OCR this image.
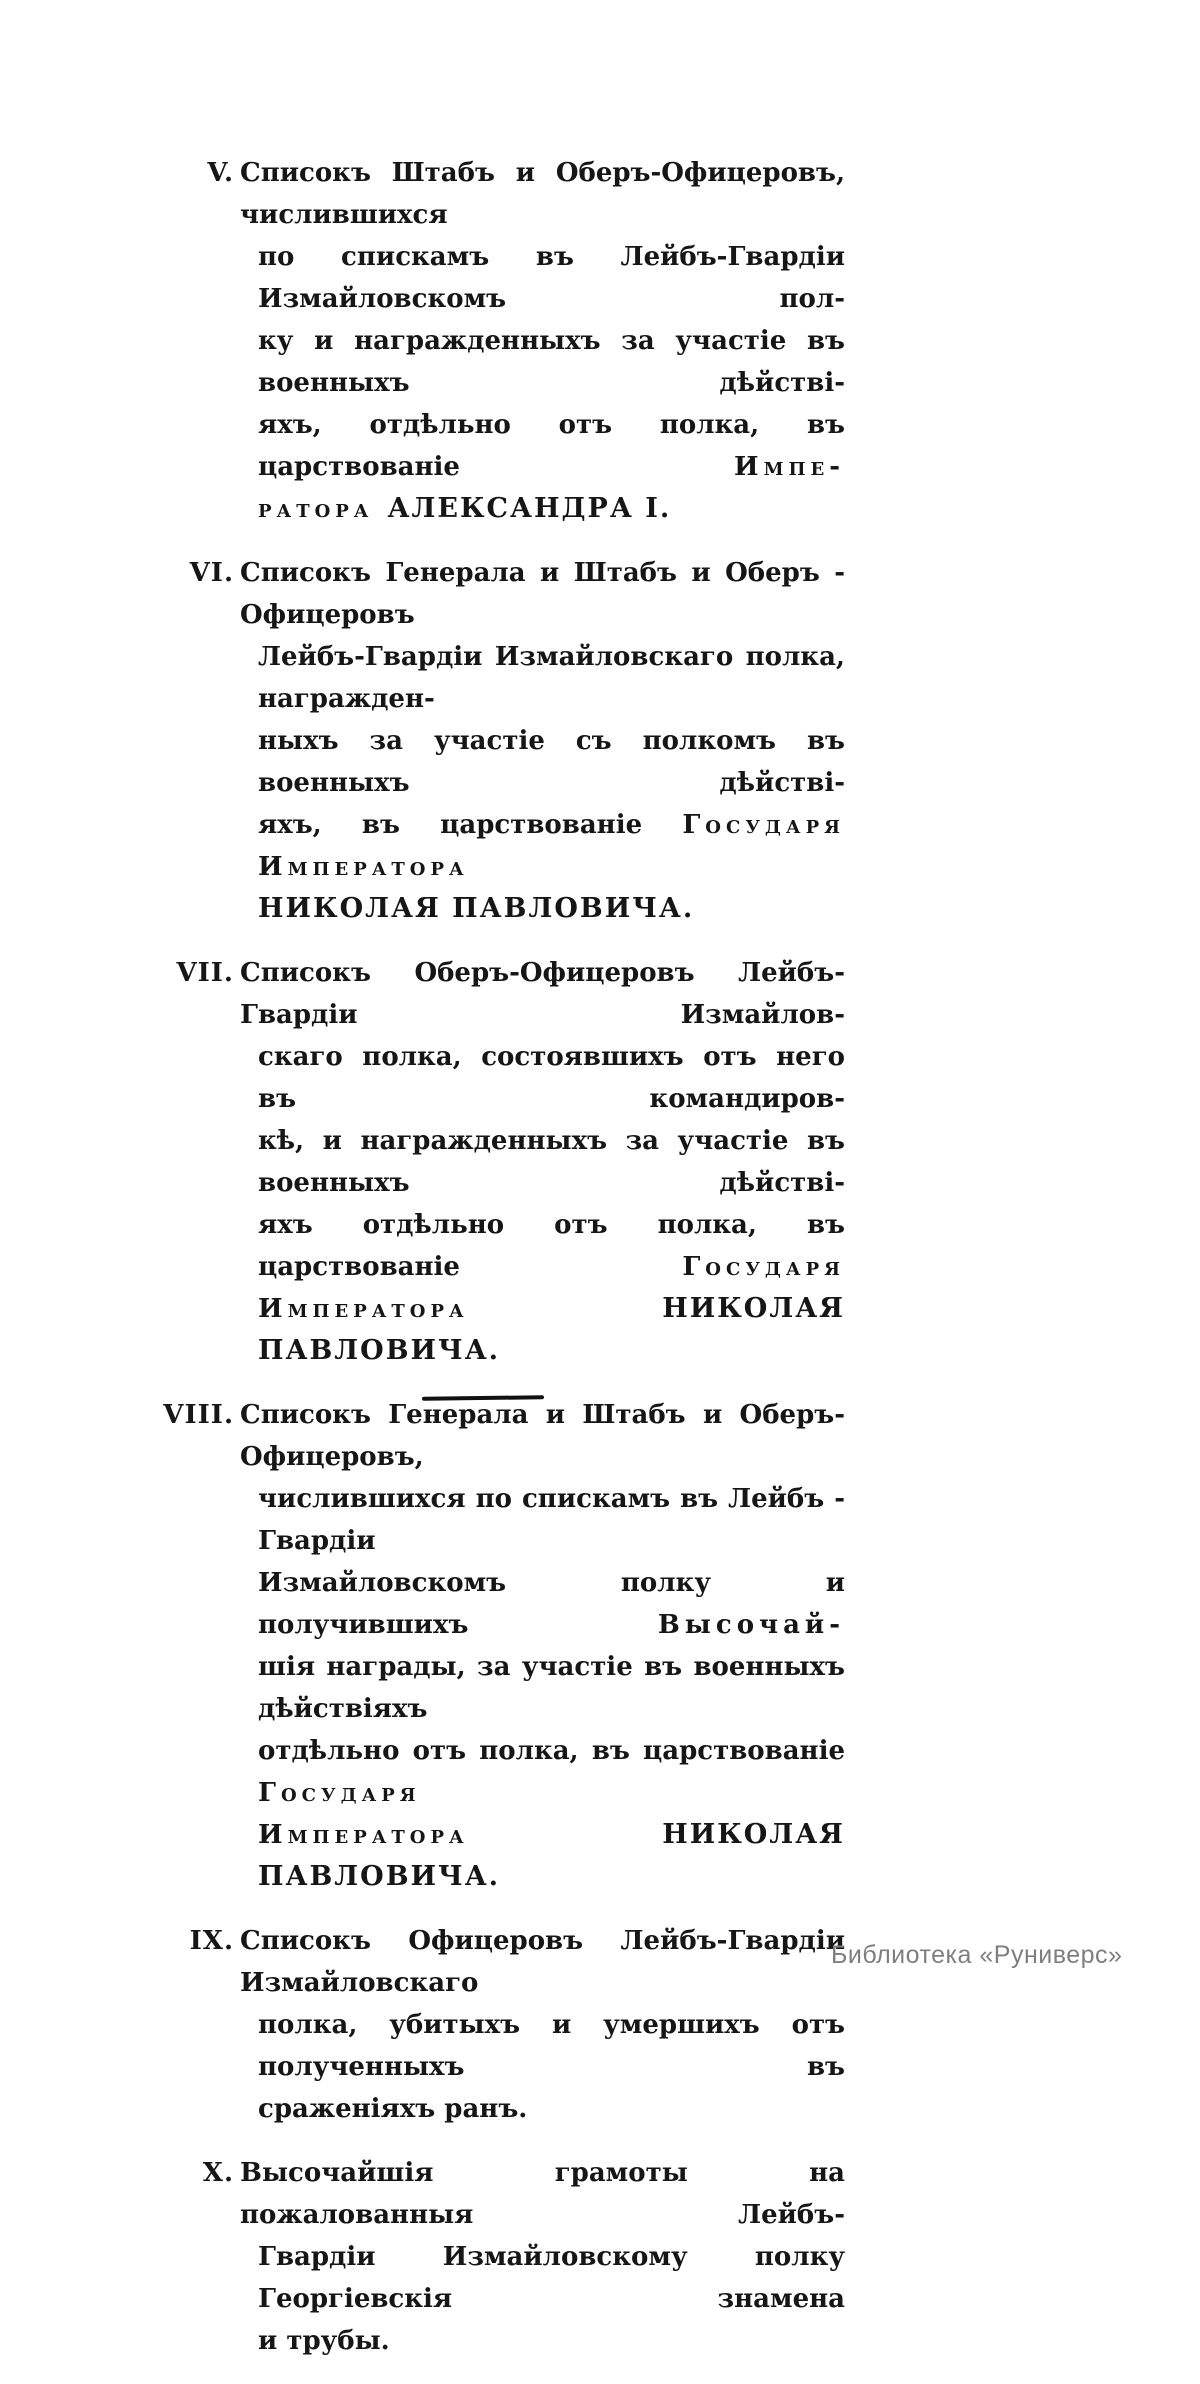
V. Списокъ Штабъ и Оберъ-Офицеровъ, числившихся
по спискамъ въ Лейбъ-Гвардіи Измайловскомъ пол-
ку и награжденныхъ за участіе въ военныхъ дѣйстві-
яхъ, отдѣльно отъ полка, въ царствованіе Импе-
ратора АЛЕКСАНДРА I.
VI. Списокъ Генерала и Штабъ и Оберъ - Офицеровъ
Лейбъ-Гвардіи Измайловскаго полка, награжден-
ныхъ за участіе съ полкомъ въ военныхъ дѣйстві-
яхъ, въ царствованіе Государя Императора
НИКОЛАЯ ПАВЛОВИЧА.
VII. Списокъ Оберъ-Офицеровъ Лейбъ-Гвардіи Измайлов-
скаго полка, состоявшихъ отъ него въ командиров-
кѣ, и награжденныхъ за участіе въ военныхъ дѣйстві-
яхъ отдѣльно отъ полка, въ царствованіе Государя
Императора НИКОЛАЯ ПАВЛОВИЧА.
VIII. Списокъ Генерала и Штабъ и Оберъ-Офицеровъ,
числившихся по спискамъ въ Лейбъ - Гвардіи
Измайловскомъ полку и получившихъ Высочай-
шія награды, за участіе въ военныхъ дѣйствіяхъ
отдѣльно отъ полка, въ царствованіе Государя
Императора НИКОЛАЯ ПАВЛОВИЧА.
IX. Списокъ Офицеровъ Лейбъ-Гвардіи Измайловскаго
полка, убитыхъ и умершихъ отъ полученныхъ въ
сраженіяхъ ранъ.
X. Высочайшія грамоты на пожалованныя Лейбъ-
Гвардіи Измайловскому полку Георгіевскія знамена
и трубы.
Библиотека «Руниверс»
